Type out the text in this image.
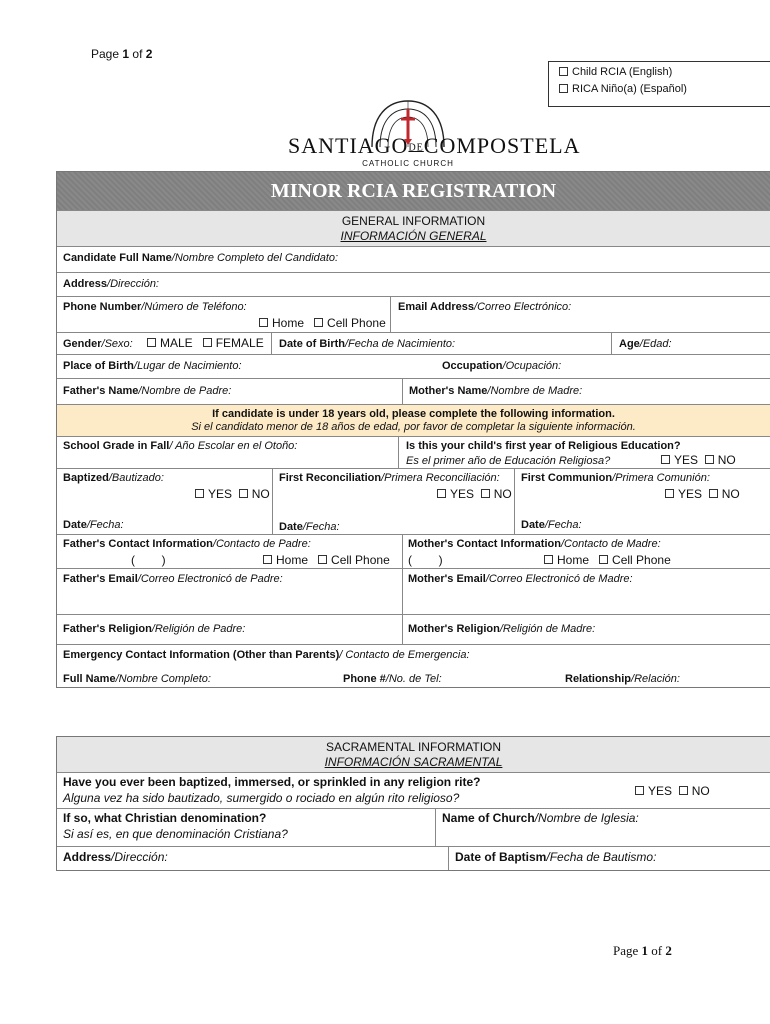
Page 1 of 2
Child RCIA (English)
RICA Niño(a) (Español)
SANTIAGODECOMPOSTELA
CATHOLIC CHURCH
MINOR RCIA REGISTRATION
GENERAL INFORMATION
INFORMACIÓN GENERAL
Candidate Full Name/Nombre Completo del Candidato:
Address/Dirección:
Phone Number/Número de Teléfono:
Home Cell Phone
Email Address/Correo Electrónico:
Gender/Sexo:	MALE FEMALE Date of Birth/Fecha de Nacimiento:	Age/Edad:
Place of Birth/Lugar de Nacimiento:	Occupation/Ocupación:
Father's Name/Nombre de Padre:	Mother's Name/Nombre de Madre:
If candidate is under 18 years old, please complete the following information.
Si el candidato menor de 18 años de edad, por favor de completar la siguiente información.
School Grade in Fall/ Año Escolar en el Otoño:	Is this your child's first year of Religious Education?
Es el primer año de Educación Religiosa?	YES NO
Baptized/Bautizado:
YES NO
Date/Fecha:
First Reconciliation/Primera Reconciliación:
YES NO
Date/Fecha:
First Communion/Primera Comunión:
YES NO
Date/Fecha:
Father's Contact Information/Contacto de Padre:
(        )	Home Cell Phone
Mother's Contact Information/Contacto de Madre:
(        )	Home Cell Phone
Father's Email/Correo Electronicó de Padre:	Mother's Email/Correo Electronicó de Madre:
Father's Religion/Religión de Padre:	Mother's Religion/Religión de Madre:
Emergency Contact Information (Other than Parents)/ Contacto de Emergencia:
Full Name/Nombre Completo:	Phone #/No. de Tel:	Relationship/Relación:
SACRAMENTAL INFORMATION
INFORMACIÓN SACRAMENTAL
Have you ever been baptized, immersed, or sprinkled in any religion rite?
Alguna vez ha sido bautizado, sumergido o rociado en algún rito religioso?	YES NO
If so, what Christian denomination?
Si así es, en que denominación Cristiana?
Name of Church/Nombre de Iglesia:
Address/Dirección:	Date of Baptism/Fecha de Bautismo:
Page 1 of 2
